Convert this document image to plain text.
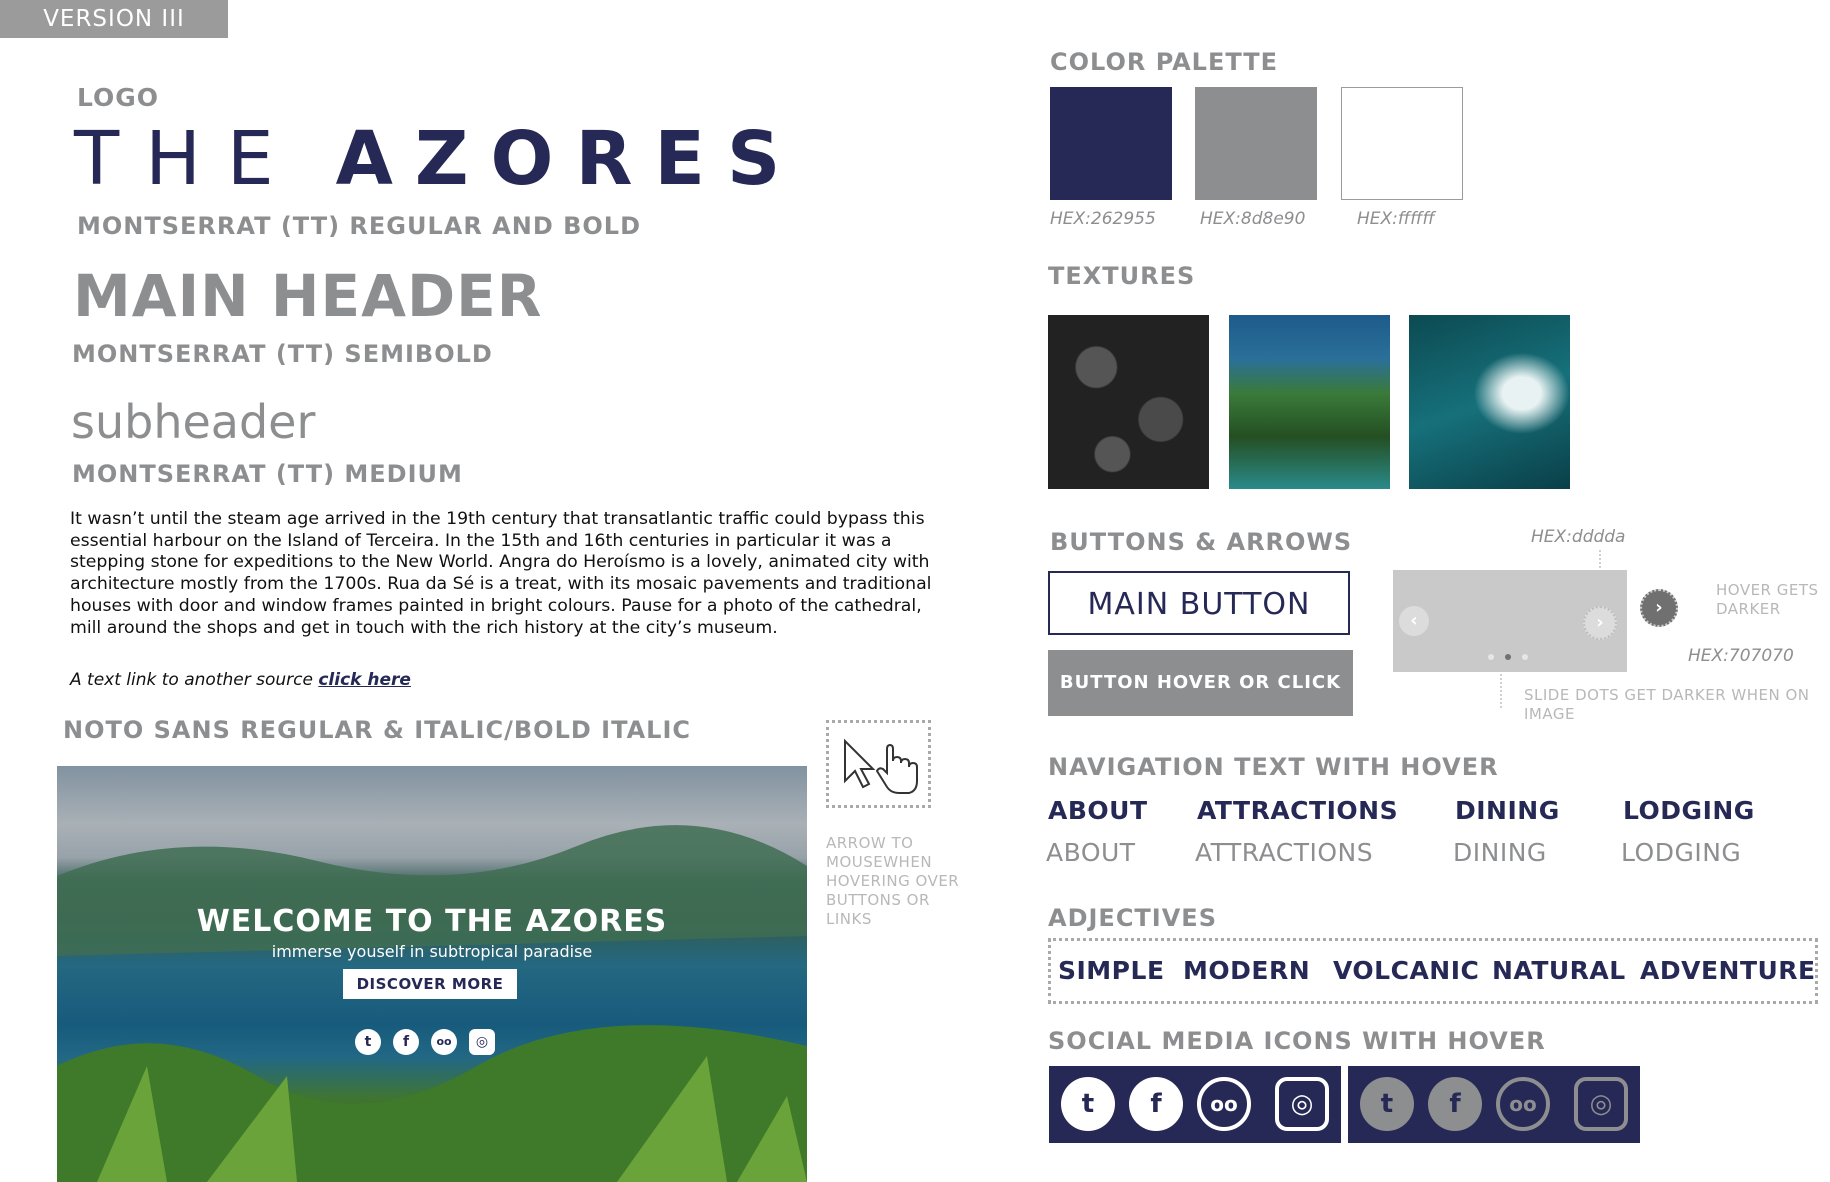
VERSION III
LOGO
THE AZORES
MONTSERRAT (TT) REGULAR AND BOLD
MAIN HEADER
MONTSERRAT (TT) SEMIBOLD
subheader
MONTSERRAT (TT) MEDIUM
It wasn’t until the steam age arrived in the 19th century that transatlantic traffic could bypass this essential harbour on the Island of Terceira. In the 15th and 16th centuries in particular it was a stepping stone for expeditions to the New World. Angra do Heroísmo is a lovely, animated city with architecture mostly from the 1700s. Rua da Sé is a treat, with its mosaic pavements and traditional houses with door and window frames painted in bright colours. Pause for a photo of the cathedral, mill around the shops and get in touch with the rich history at the city’s museum.
A text link to another source click here
NOTO SANS REGULAR & ITALIC/BOLD ITALIC
WELCOME TO THE AZORES
immerse youself in subtropical paradise
DISCOVER MORE
t	f	oo	◎
ARROW TO MOUSEWHEN HOVERING OVER BUTTONS OR LINKS
COLOR PALETTE
HEX:262955	HEX:8d8e90	HEX:ffffff
TEXTURES
BUTTONS & ARROWS
MAIN BUTTON
BUTTON HOVER OR CLICK
HEX:dddda
‹	›
›
HOVER GETS DARKER
HEX:707070
SLIDE DOTS GET DARKER WHEN ON IMAGE
NAVIGATION TEXT WITH HOVER
ABOUT ATTRACTIONS DINING	LODGING
ABOUT ATTRACTIONS	DINING	LODGING
ADJECTIVES
SIMPLE MODERN VOLCANIC NATURAL ADVENTURE
SOCIAL MEDIA ICONS WITH HOVER
t	f	oo	◎	t	f	oo	◎
